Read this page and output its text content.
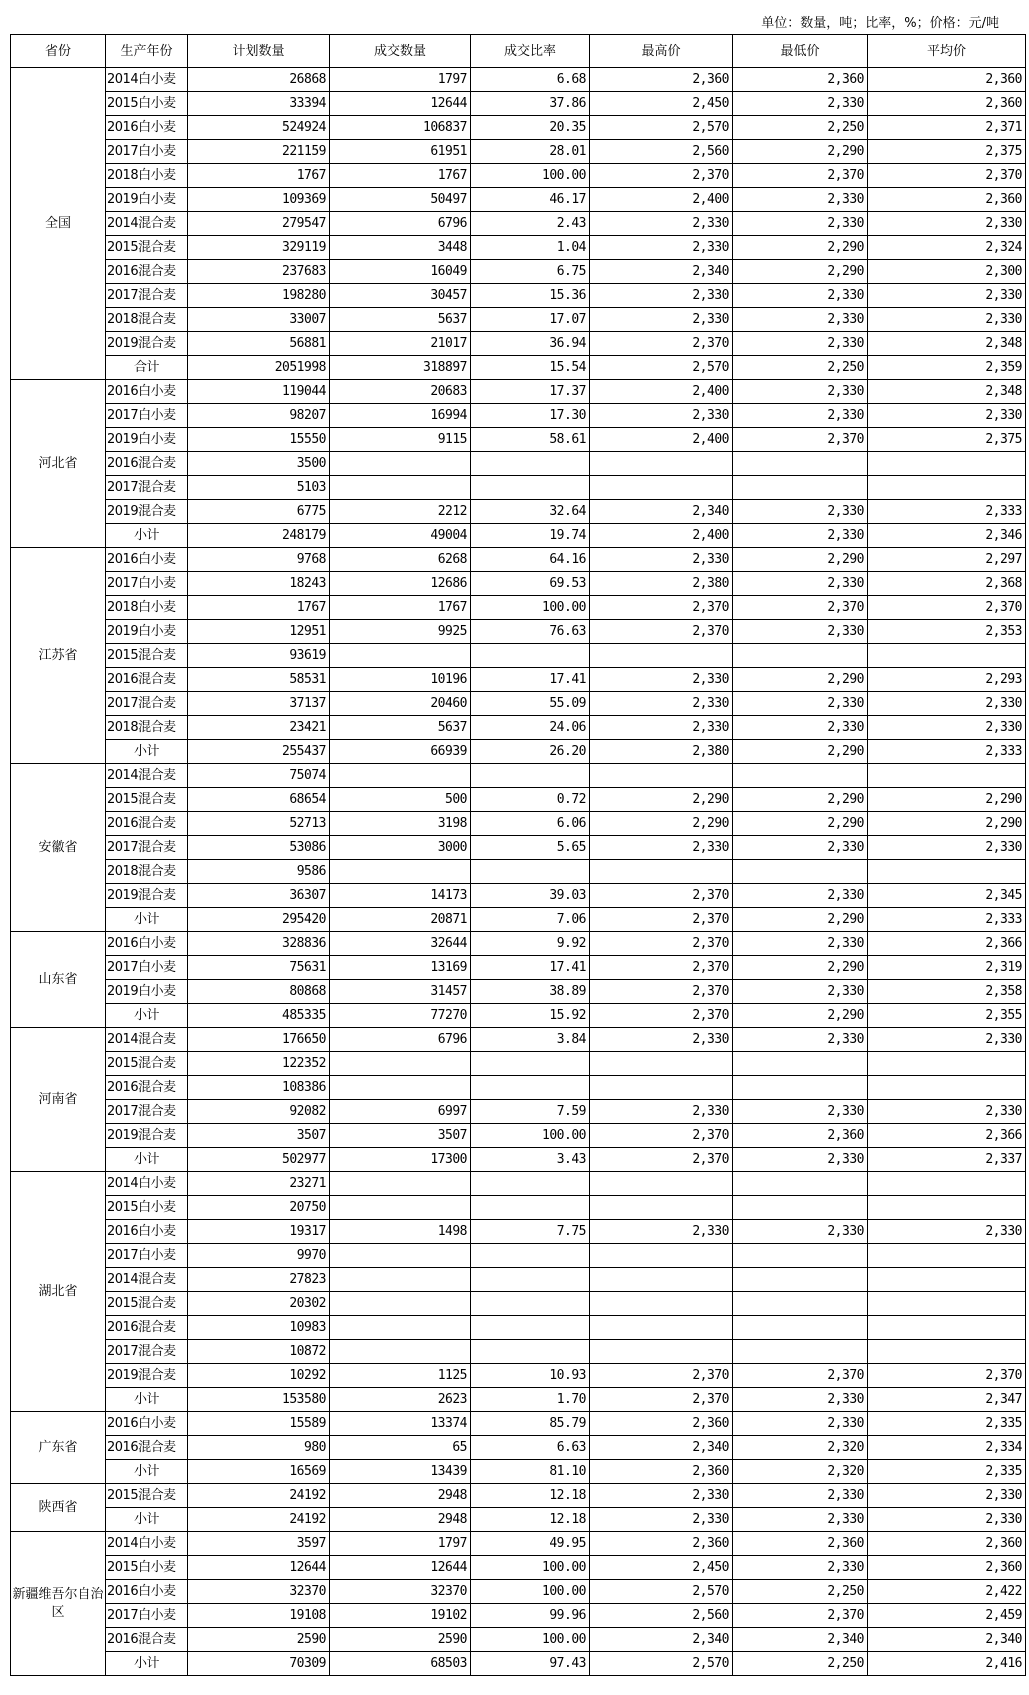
单位：数量，吨；比率，%；价格：元/吨
省份	生产年份	计划数量	成交数量	成交比率	最高价	最低价	平均价
全国	2014白小麦	26868	1797	6.68	2,360	2,360	2,360
	2015白小麦	33394	12644	37.86	2,450	2,330	2,360
	2016白小麦	524924	106837	20.35	2,570	2,250	2,371
	2017白小麦	221159	61951	28.01	2,560	2,290	2,375
	2018白小麦	1767	1767	100.00	2,370	2,370	2,370
	2019白小麦	109369	50497	46.17	2,400	2,330	2,360
	2014混合麦	279547	6796	2.43	2,330	2,330	2,330
	2015混合麦	329119	3448	1.04	2,330	2,290	2,324
	2016混合麦	237683	16049	6.75	2,340	2,290	2,300
	2017混合麦	198280	30457	15.36	2,330	2,330	2,330
	2018混合麦	33007	5637	17.07	2,330	2,330	2,330
	2019混合麦	56881	21017	36.94	2,370	2,330	2,348
	合计	2051998	318897	15.54	2,570	2,250	2,359
河北省	2016白小麦	119044	20683	17.37	2,400	2,330	2,348
	2017白小麦	98207	16994	17.30	2,330	2,330	2,330
	2019白小麦	15550	9115	58.61	2,400	2,370	2,375
	2016混合麦	3500					
	2017混合麦	5103					
	2019混合麦	6775	2212	32.64	2,340	2,330	2,333
	小计	248179	49004	19.74	2,400	2,330	2,346
江苏省	2016白小麦	9768	6268	64.16	2,330	2,290	2,297
	2017白小麦	18243	12686	69.53	2,380	2,330	2,368
	2018白小麦	1767	1767	100.00	2,370	2,370	2,370
	2019白小麦	12951	9925	76.63	2,370	2,330	2,353
	2015混合麦	93619					
	2016混合麦	58531	10196	17.41	2,330	2,290	2,293
	2017混合麦	37137	20460	55.09	2,330	2,330	2,330
	2018混合麦	23421	5637	24.06	2,330	2,330	2,330
	小计	255437	66939	26.20	2,380	2,290	2,333
安徽省	2014混合麦	75074					
	2015混合麦	68654	500	0.72	2,290	2,290	2,290
	2016混合麦	52713	3198	6.06	2,290	2,290	2,290
	2017混合麦	53086	3000	5.65	2,330	2,330	2,330
	2018混合麦	9586					
	2019混合麦	36307	14173	39.03	2,370	2,330	2,345
	小计	295420	20871	7.06	2,370	2,290	2,333
山东省	2016白小麦	328836	32644	9.92	2,370	2,330	2,366
	2017白小麦	75631	13169	17.41	2,370	2,290	2,319
	2019白小麦	80868	31457	38.89	2,370	2,330	2,358
	小计	485335	77270	15.92	2,370	2,290	2,355
河南省	2014混合麦	176650	6796	3.84	2,330	2,330	2,330
	2015混合麦	122352					
	2016混合麦	108386					
	2017混合麦	92082	6997	7.59	2,330	2,330	2,330
	2019混合麦	3507	3507	100.00	2,370	2,360	2,366
	小计	502977	17300	3.43	2,370	2,330	2,337
湖北省	2014白小麦	23271					
	2015白小麦	20750					
	2016白小麦	19317	1498	7.75	2,330	2,330	2,330
	2017白小麦	9970					
	2014混合麦	27823					
	2015混合麦	20302					
	2016混合麦	10983					
	2017混合麦	10872					
	2019混合麦	10292	1125	10.93	2,370	2,370	2,370
	小计	153580	2623	1.70	2,370	2,330	2,347
广东省	2016白小麦	15589	13374	85.79	2,360	2,330	2,335
	2016混合麦	980	65	6.63	2,340	2,320	2,334
	小计	16569	13439	81.10	2,360	2,320	2,335
陕西省	2015混合麦	24192	2948	12.18	2,330	2,330	2,330
	小计	24192	2948	12.18	2,330	2,330	2,330
新疆维吾尔自治区	2014白小麦	3597	1797	49.95	2,360	2,360	2,360
	2015白小麦	12644	12644	100.00	2,450	2,330	2,360
	2016白小麦	32370	32370	100.00	2,570	2,250	2,422
	2017白小麦	19108	19102	99.96	2,560	2,370	2,459
	2016混合麦	2590	2590	100.00	2,340	2,340	2,340
	小计	70309	68503	97.43	2,570	2,250	2,416
